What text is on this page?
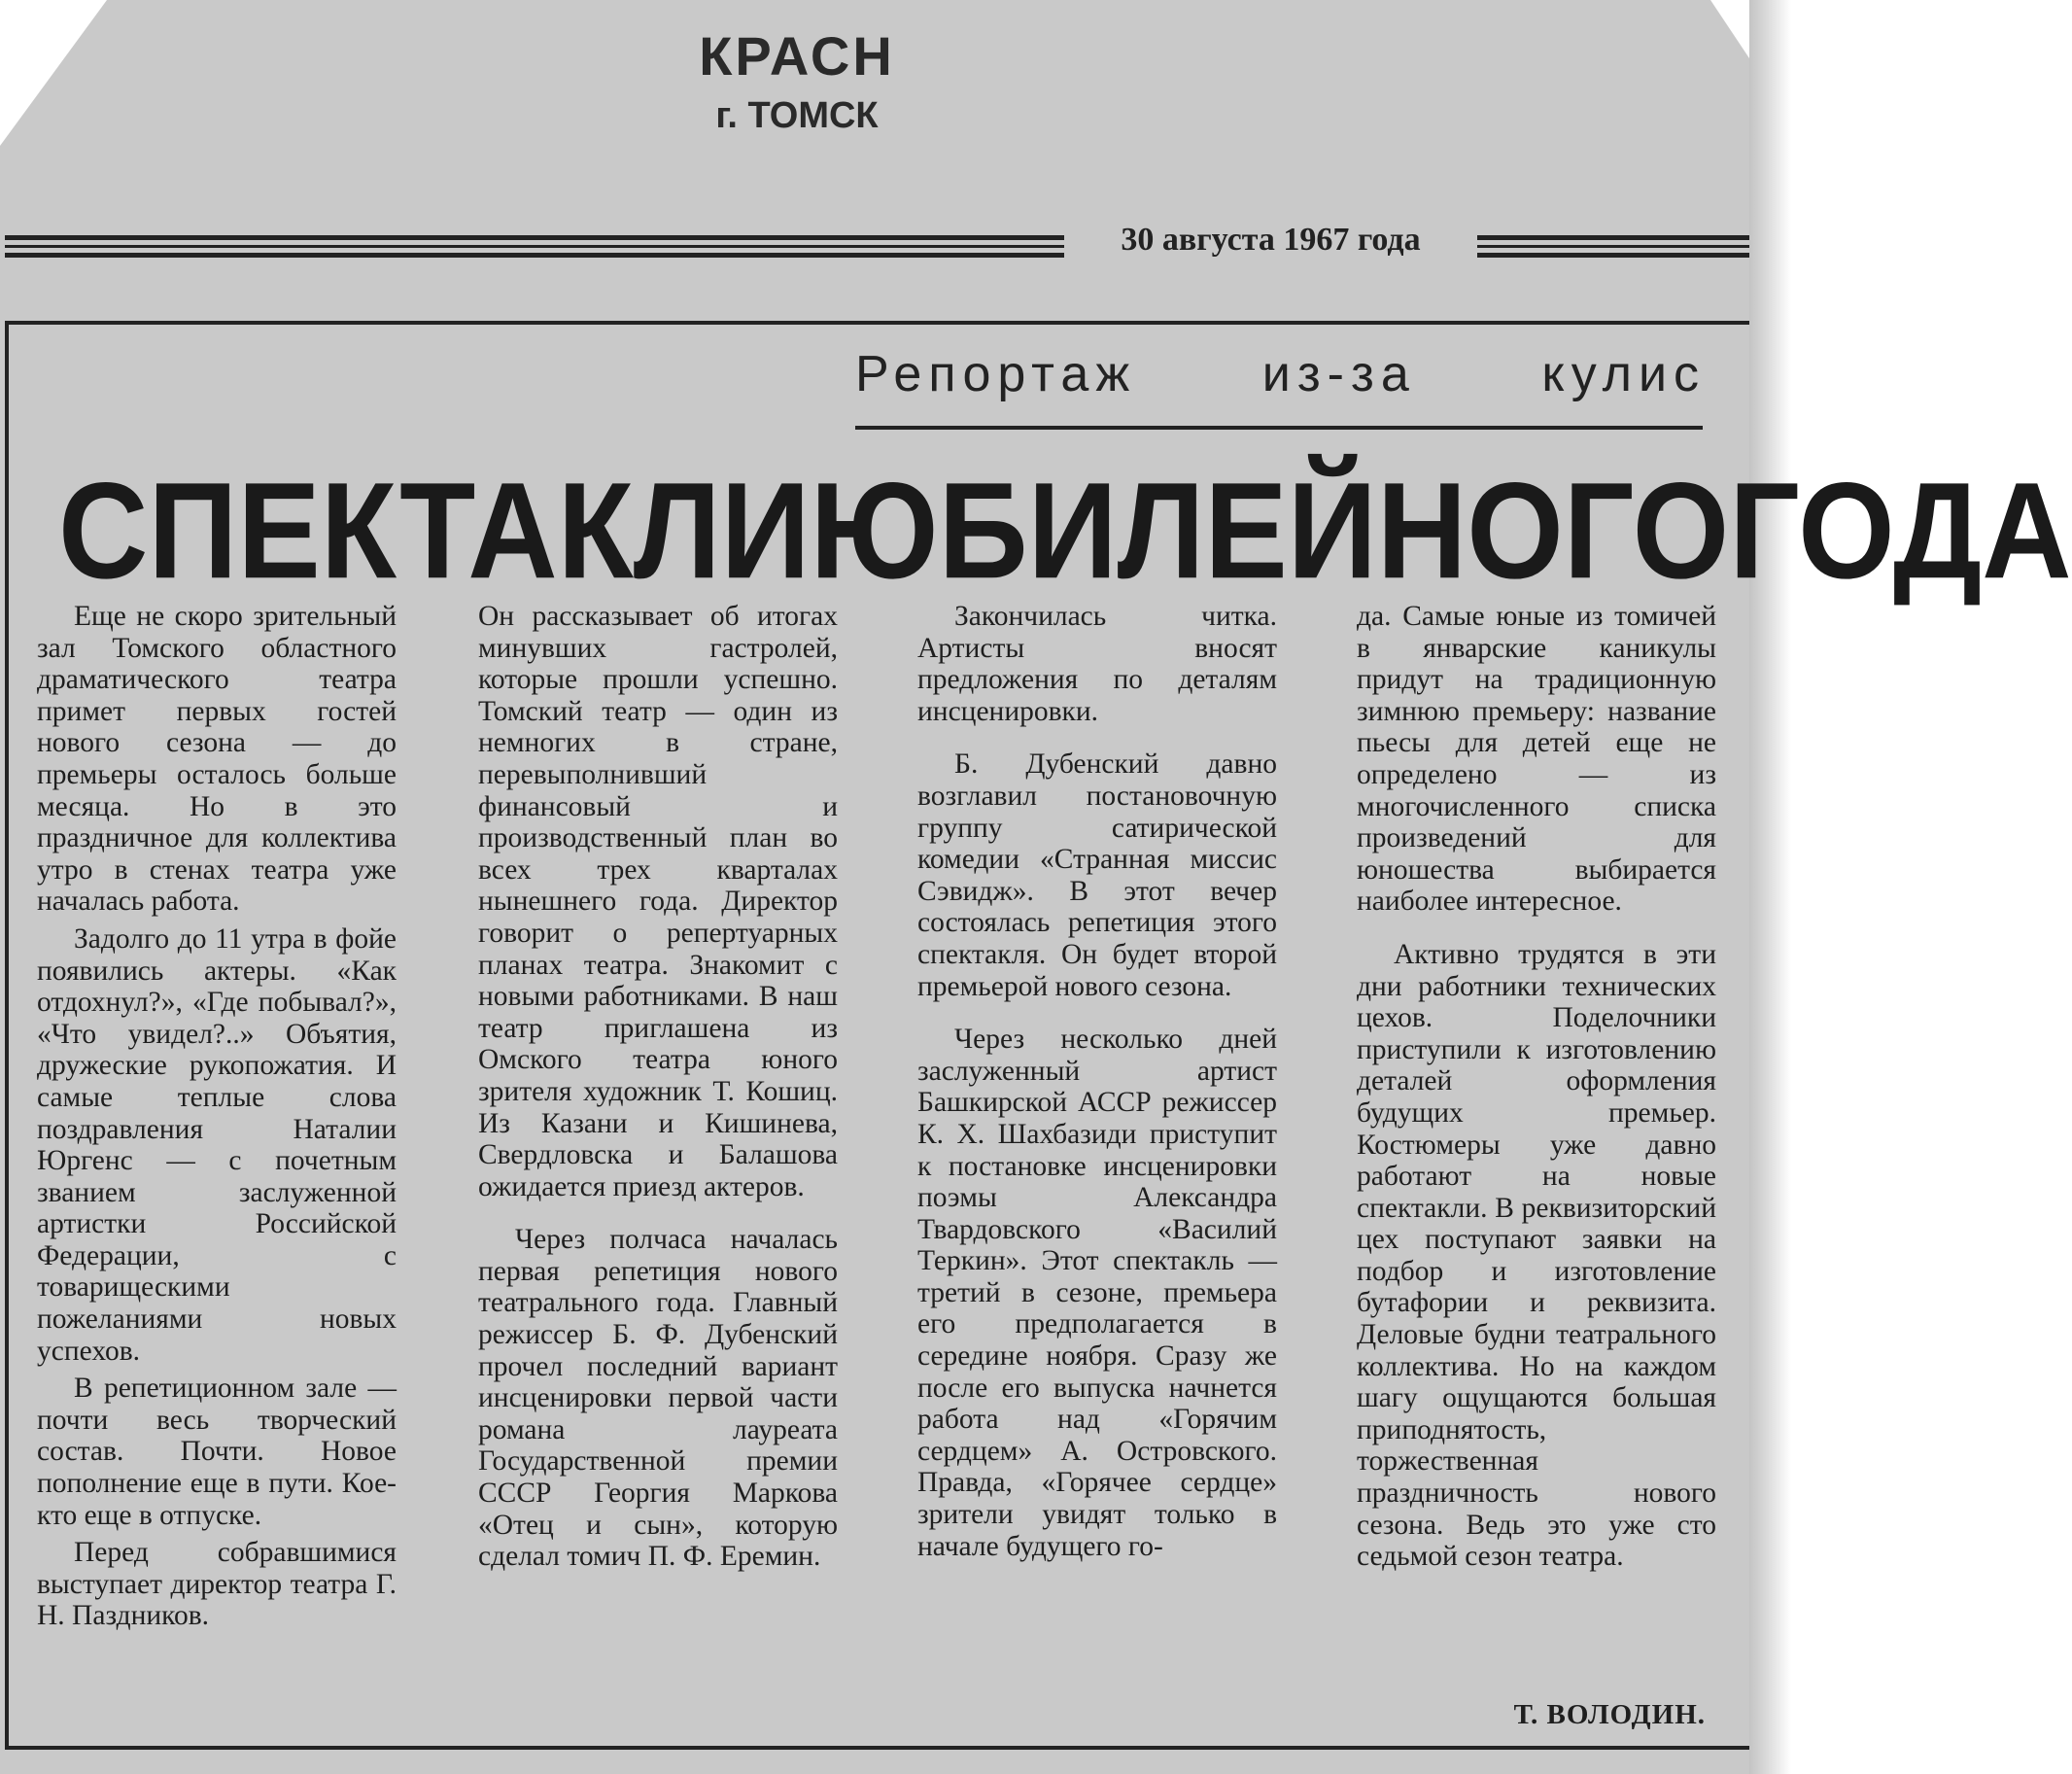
КРАСН
г. ТОМСК
30 августа 1967 года
Репортаж из-за кулис
СПЕКТАКЛИ ЮБИЛЕЙНОГО ГОДА

Еще не скоро зрительный зал Томского областного драматического театра примет первых гостей нового сезона — до премьеры осталось больше месяца. Но в это праздничное для коллектива утро в стенах театра уже началась работа.

Задолго до 11 утра в фойе появились актеры. «Как отдохнул?», «Где побывал?», «Что увидел?..» Объятия, дружеские рукопожатия. И самые теплые слова поздравления Наталии Юргенс — с почетным званием заслуженной артистки Российской Федерации, с товарищескими пожеланиями новых успехов.

В репетиционном зале — почти весь творческий состав. Почти. Новое пополнение еще в пути. Кое-кто еще в отпуске.

Перед собравшимися выступает директор театра Г. Н. Паздников.

Он рассказывает об итогах минувших гастролей, которые прошли успешно. Томский театр — один из немногих в стране, перевыполнивший финансовый и производственный план во всех трех кварталах нынешнего года. Директор говорит о репертуарных планах театра. Знакомит с новыми работниками. В наш театр приглашена из Омского театра юного зрителя художник Т. Кошиц. Из Казани и Кишинева, Свердловска и Балашова ожидается приезд актеров.

Через полчаса началась первая репетиция нового театрального года. Главный режиссер Б. Ф. Дубенский прочел последний вариант инсценировки первой части романа лауреата Государственной премии СССР Георгия Маркова «Отец и сын», которую сделал томич П. Ф. Еремин.

Закончилась читка. Артисты вносят предложения по деталям инсценировки.

Б. Дубенский давно возглавил постановочную группу сатирической комедии «Странная миссис Сэвидж». В этот вечер состоялась репетиция этого спектакля. Он будет второй премьерой нового сезона.

Через несколько дней заслуженный артист Башкирской АССР режиссер К. Х. Шахбазиди приступит к постановке инсценировки поэмы Александра Твардовского «Василий Теркин». Этот спектакль — третий в сезоне, премьера его предполагается в середине ноября. Сразу же после его выпуска начнется работа над «Горячим сердцем» А. Островского. Правда, «Горячее сердце» зрители увидят только в начале будущего го-

да. Самые юные из томичей в январские каникулы придут на традиционную зимнюю премьеру: название пьесы для детей еще не определено — из многочисленного списка произведений для юношества выбирается наиболее интересное.

Активно трудятся в эти дни работники технических цехов. Поделочники приступили к изготовлению деталей оформления будущих премьер. Костюмеры уже давно работают на новые спектакли. В реквизиторский цех поступают заявки на подбор и изготовление бутафории и реквизита. Деловые будни театрального коллектива. Но на каждом шагу ощущаются большая приподнятость, торжественная праздничность нового сезона. Ведь это уже сто седьмой сезон театра.

Т. ВОЛОДИН.
